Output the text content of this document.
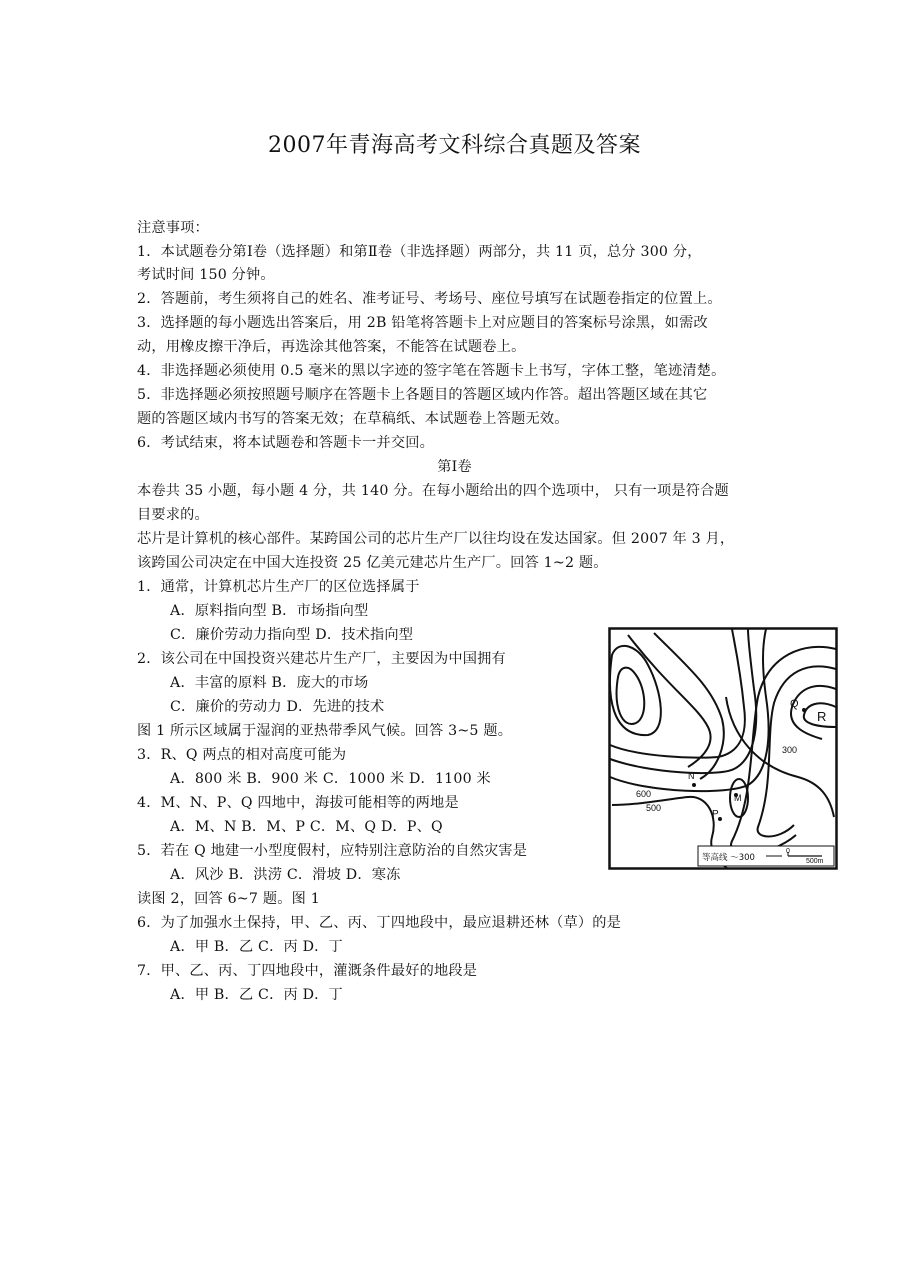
2007年青海高考文科综合真题及答案
注意事项：
1．本试题卷分第Ⅰ卷（选择题）和第Ⅱ卷（非选择题）两部分，共 11 页，总分 300 分，
考试时间 150 分钟。
2．答题前，考生须将自己的姓名、准考证号、考场号、座位号填写在试题卷指定的位置上。
3．选择题的每小题选出答案后，用 2B 铅笔将答题卡上对应题目的答案标号涂黑，如需改
动，用橡皮擦干净后，再选涂其他答案，不能答在试题卷上。
4．非选择题必须使用 0.5 毫米的黑以字迹的签字笔在答题卡上书写，字体工整，笔迹清楚。
5．非选择题必须按照题号顺序在答题卡上各题目的答题区域内作答。超出答题区域在其它
题的答题区域内书写的答案无效；在草稿纸、本试题卷上答题无效。
6．考试结束，将本试题卷和答题卡一并交回。
第Ⅰ卷
本卷共 35 小题，每小题 4 分，共 140 分。在每小题给出的四个选项中， 只有一项是符合题
目要求的。
芯片是计算机的核心部件。某跨国公司的芯片生产厂以往均设在发达国家。但 2007 年 3 月，
该跨国公司决定在中国大连投资 25 亿美元建芯片生产厂。回答 1~2 题。
1．通常，计算机芯片生产厂的区位选择属于
A．原料指向型 B．市场指向型
C．廉价劳动力指向型 D．技术指向型
2．该公司在中国投资兴建芯片生产厂，主要因为中国拥有
A．丰富的原料 B．庞大的市场
C．廉价的劳动力 D．先进的技术
图 1 所示区域属于湿润的亚热带季风气候。回答 3~5 题。
3．R、Q 两点的相对高度可能为
A．800 米 B．900 米 C．1000 米 D．1100 米
4．M、N、P、Q 四地中，海拔可能相等的两地是
A．M、N B．M、P C．M、Q D．P、Q
5．若在 Q 地建一小型度假村，应特别注意防治的自然灾害是
A．风沙 B．洪涝 C．滑坡 D．寒冻
读图 2，回答 6~7 题。图 1
6．为了加强水土保持，甲、乙、丙、丁四地段中，最应退耕还林（草）的是
A．甲 B．乙 C．丙 D．丁
7．甲、乙、丙、丁四地段中，灌溉条件最好的地段是
A．甲 B．乙 C．丙 D．丁
Q
R
N
M
P
300
500
600
等高线 ～300
0
500m
